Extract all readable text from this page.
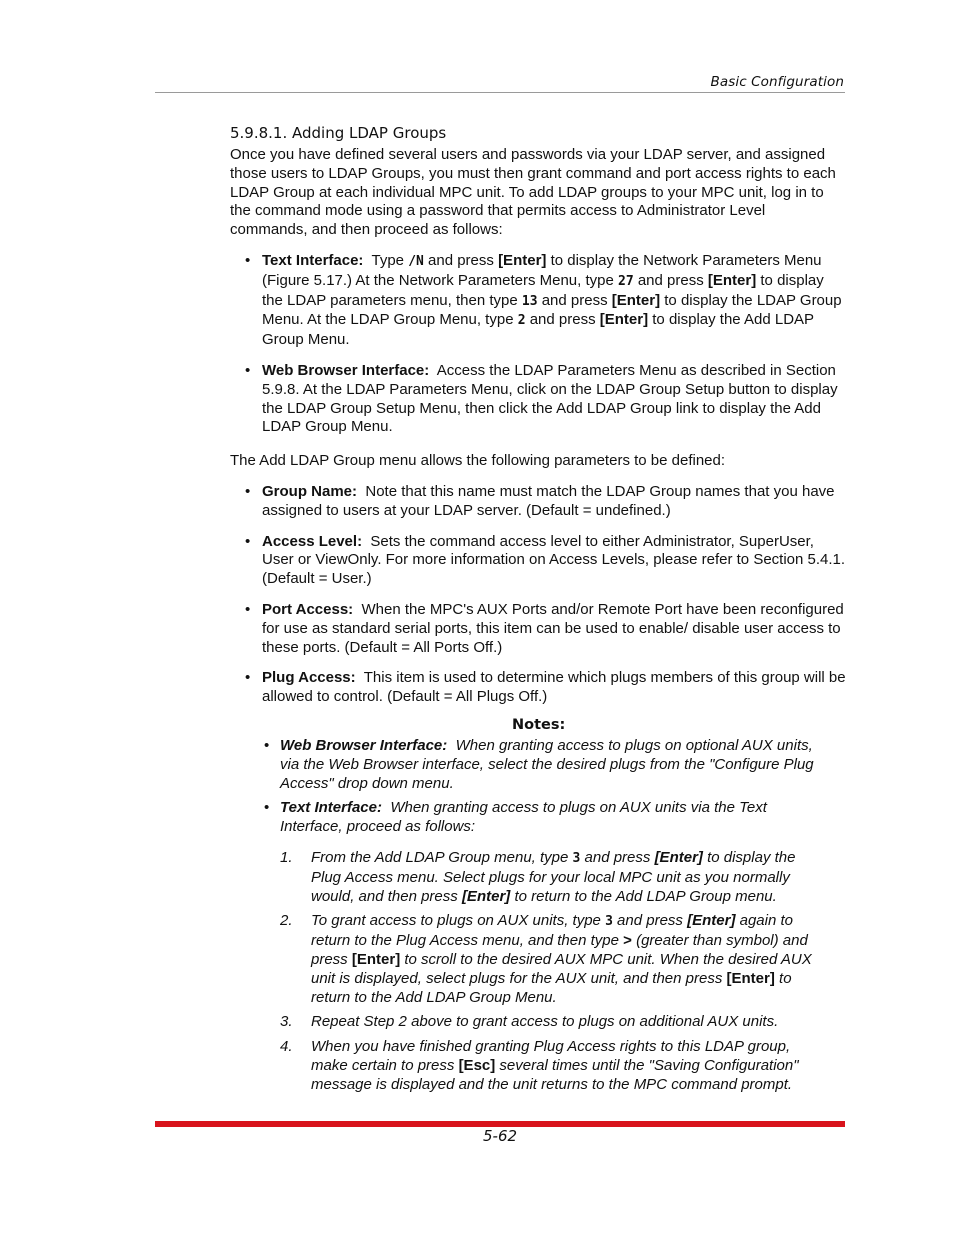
Basic Configuration
5.9.8.1. Adding LDAP Groups

Once you have defined several users and passwords via your LDAP server, and assigned those users to LDAP Groups, you must then grant command and port access rights to each LDAP Group at each individual MPC unit. To add LDAP groups to your MPC unit, log in to the command mode using a password that permits access to Administrator Level commands, and then proceed as follows:

• Text Interface: Type /N and press [Enter] to display the Network Parameters Menu (Figure 5.17.) At the Network Parameters Menu, type 27 and press [Enter] to display the LDAP parameters menu, then type 13 and press [Enter] to display the LDAP Group Menu. At the LDAP Group Menu, type 2 and press [Enter] to display the Add LDAP Group Menu.
• Web Browser Interface: Access the LDAP Parameters Menu as described in Section 5.9.8. At the LDAP Parameters Menu, click on the LDAP Group Setup button to display the LDAP Group Setup Menu, then click the Add LDAP Group link to display the Add LDAP Group Menu.

The Add LDAP Group menu allows the following parameters to be defined:

• Group Name: Note that this name must match the LDAP Group names that you have assigned to users at your LDAP server. (Default = undefined.)
• Access Level: Sets the command access level to either Administrator, SuperUser, User or ViewOnly. For more information on Access Levels, please refer to Section 5.4.1. (Default = User.)
• Port Access: When the MPC's AUX Ports and/or Remote Port have been reconfigured for use as standard serial ports, this item can be used to enable/ disable user access to these ports. (Default = All Ports Off.)
• Plug Access: This item is used to determine which plugs members of this group will be allowed to control. (Default = All Plugs Off.)
Notes:
• Web Browser Interface: When granting access to plugs on optional AUX units, via the Web Browser interface, select the desired plugs from the "Configure Plug Access" drop down menu.
• Text Interface: When granting access to plugs on AUX units via the Text Interface, proceed as follows:
1. From the Add LDAP Group menu, type 3 and press [Enter] to display the Plug Access menu. Select plugs for your local MPC unit as you normally would, and then press [Enter] to return to the Add LDAP Group menu.
2. To grant access to plugs on AUX units, type 3 and press [Enter] again to return to the Plug Access menu, and then type > (greater than symbol) and press [Enter] to scroll to the desired AUX MPC unit. When the desired AUX unit is displayed, select plugs for the AUX unit, and then press [Enter] to return to the Add LDAP Group Menu.
3. Repeat Step 2 above to grant access to plugs on additional AUX units.
4. When you have finished granting Plug Access rights to this LDAP group, make certain to press [Esc] several times until the "Saving Configuration" message is displayed and the unit returns to the MPC command prompt.
5-62
